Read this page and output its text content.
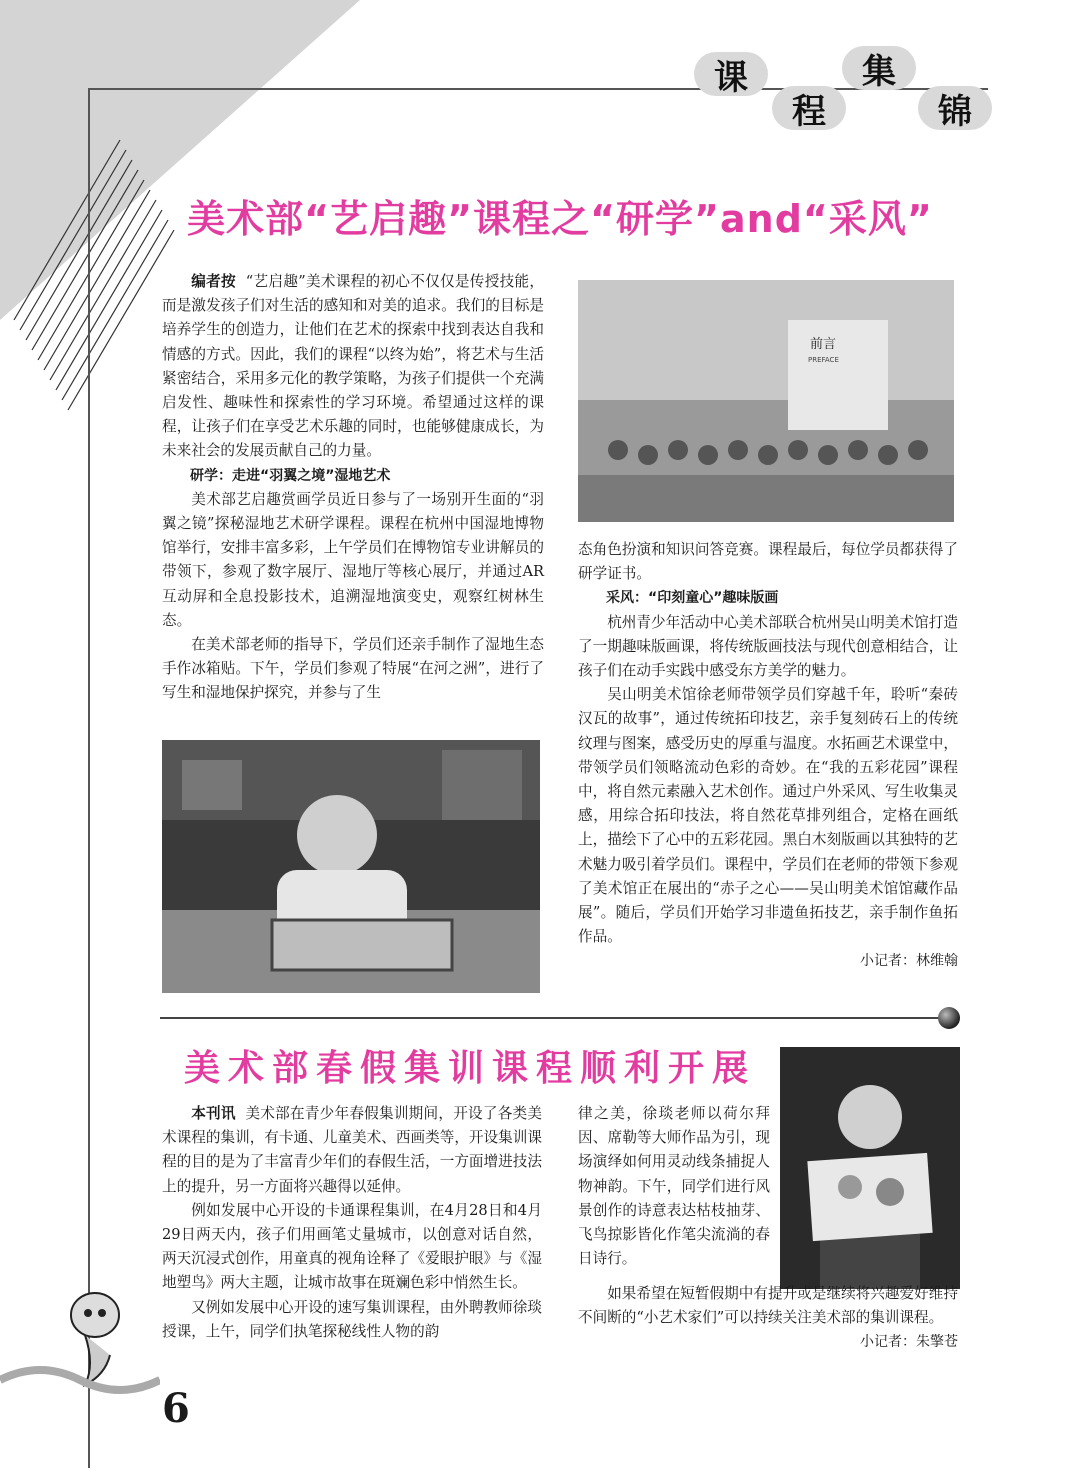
课
程
集
锦
美术部“艺启趣”课程之“研学”and“采风”

编者按 “艺启趣”美术课程的初心不仅仅是传授技能，而是激发孩子们对生活的感知和对美的追求。我们的目标是培养学生的创造力，让他们在艺术的探索中找到表达自我和情感的方式。因此，我们的课程“以终为始”，将艺术与生活紧密结合，采用多元化的教学策略，为孩子们提供一个充满启发性、趣味性和探索性的学习环境。希望通过这样的课程，让孩子们在享受艺术乐趣的同时，也能够健康成长，为未来社会的发展贡献自己的力量。

研学：走进“羽翼之境”湿地艺术

美术部艺启趣赏画学员近日参与了一场别开生面的“羽翼之镜”探秘湿地艺术研学课程。课程在杭州中国湿地博物馆举行，安排丰富多彩，上午学员们在博物馆专业讲解员的带领下，参观了数字展厅、湿地厅等核心展厅，并通过AR互动屏和全息投影技术，追溯湿地演变史，观察红树林生态。

在美术部老师的指导下，学员们还亲手制作了湿地生态手作冰箱贴。下午，学员们参观了特展“在河之洲”，进行了写生和湿地保护探究，并参与了生

前言
PREFACE

态角色扮演和知识问答竞赛。课程最后，每位学员都获得了研学证书。

采风：“印刻童心”趣味版画

杭州青少年活动中心美术部联合杭州吴山明美术馆打造了一期趣味版画课，将传统版画技法与现代创意相结合，让孩子们在动手实践中感受东方美学的魅力。

吴山明美术馆徐老师带领学员们穿越千年，聆听“秦砖汉瓦的故事”，通过传统拓印技艺，亲手复刻砖石上的传统纹理与图案，感受历史的厚重与温度。水拓画艺术课堂中，带领学员们领略流动色彩的奇妙。在“我的五彩花园”课程中，将自然元素融入艺术创作。通过户外采风、写生收集灵感，用综合拓印技法，将自然花草排列组合，定格在画纸上，描绘下了心中的五彩花园。黑白木刻版画以其独特的艺术魅力吸引着学员们。课程中，学员们在老师的带领下参观了美术馆正在展出的“赤子之心——吴山明美术馆馆藏作品展”。随后，学员们开始学习非遗鱼拓技艺，亲手制作鱼拓作品。

小记者：林维翰
美术部春假集训课程顺利开展

本刊讯 美术部在青少年春假集训期间，开设了各类美术课程的集训，有卡通、儿童美术、西画类等，开设集训课程的目的是为了丰富青少年们的春假生活，一方面增进技法上的提升，另一方面将兴趣得以延伸。

例如发展中心开设的卡通课程集训，在4月28日和4月29日两天内，孩子们用画笔丈量城市，以创意对话自然，两天沉浸式创作，用童真的视角诠释了《爱眼护眼》与《湿地塑鸟》两大主题，让城市故事在斑斓色彩中悄然生长。

又例如发展中心开设的速写集训课程，由外聘教师徐琰授课，上午，同学们执笔探秘线性人物的韵

律之美，徐琰老师以荷尔拜因、席勒等大师作品为引，现场演绎如何用灵动线条捕捉人物神韵。下午，同学们进行风景创作的诗意表达枯枝抽芽、飞鸟掠影皆化作笔尖流淌的春日诗行。

如果希望在短暂假期中有提升或是继续将兴趣爱好维持不间断的“小艺术家们”可以持续关注美术部的集训课程。

小记者：朱擎苍
6
